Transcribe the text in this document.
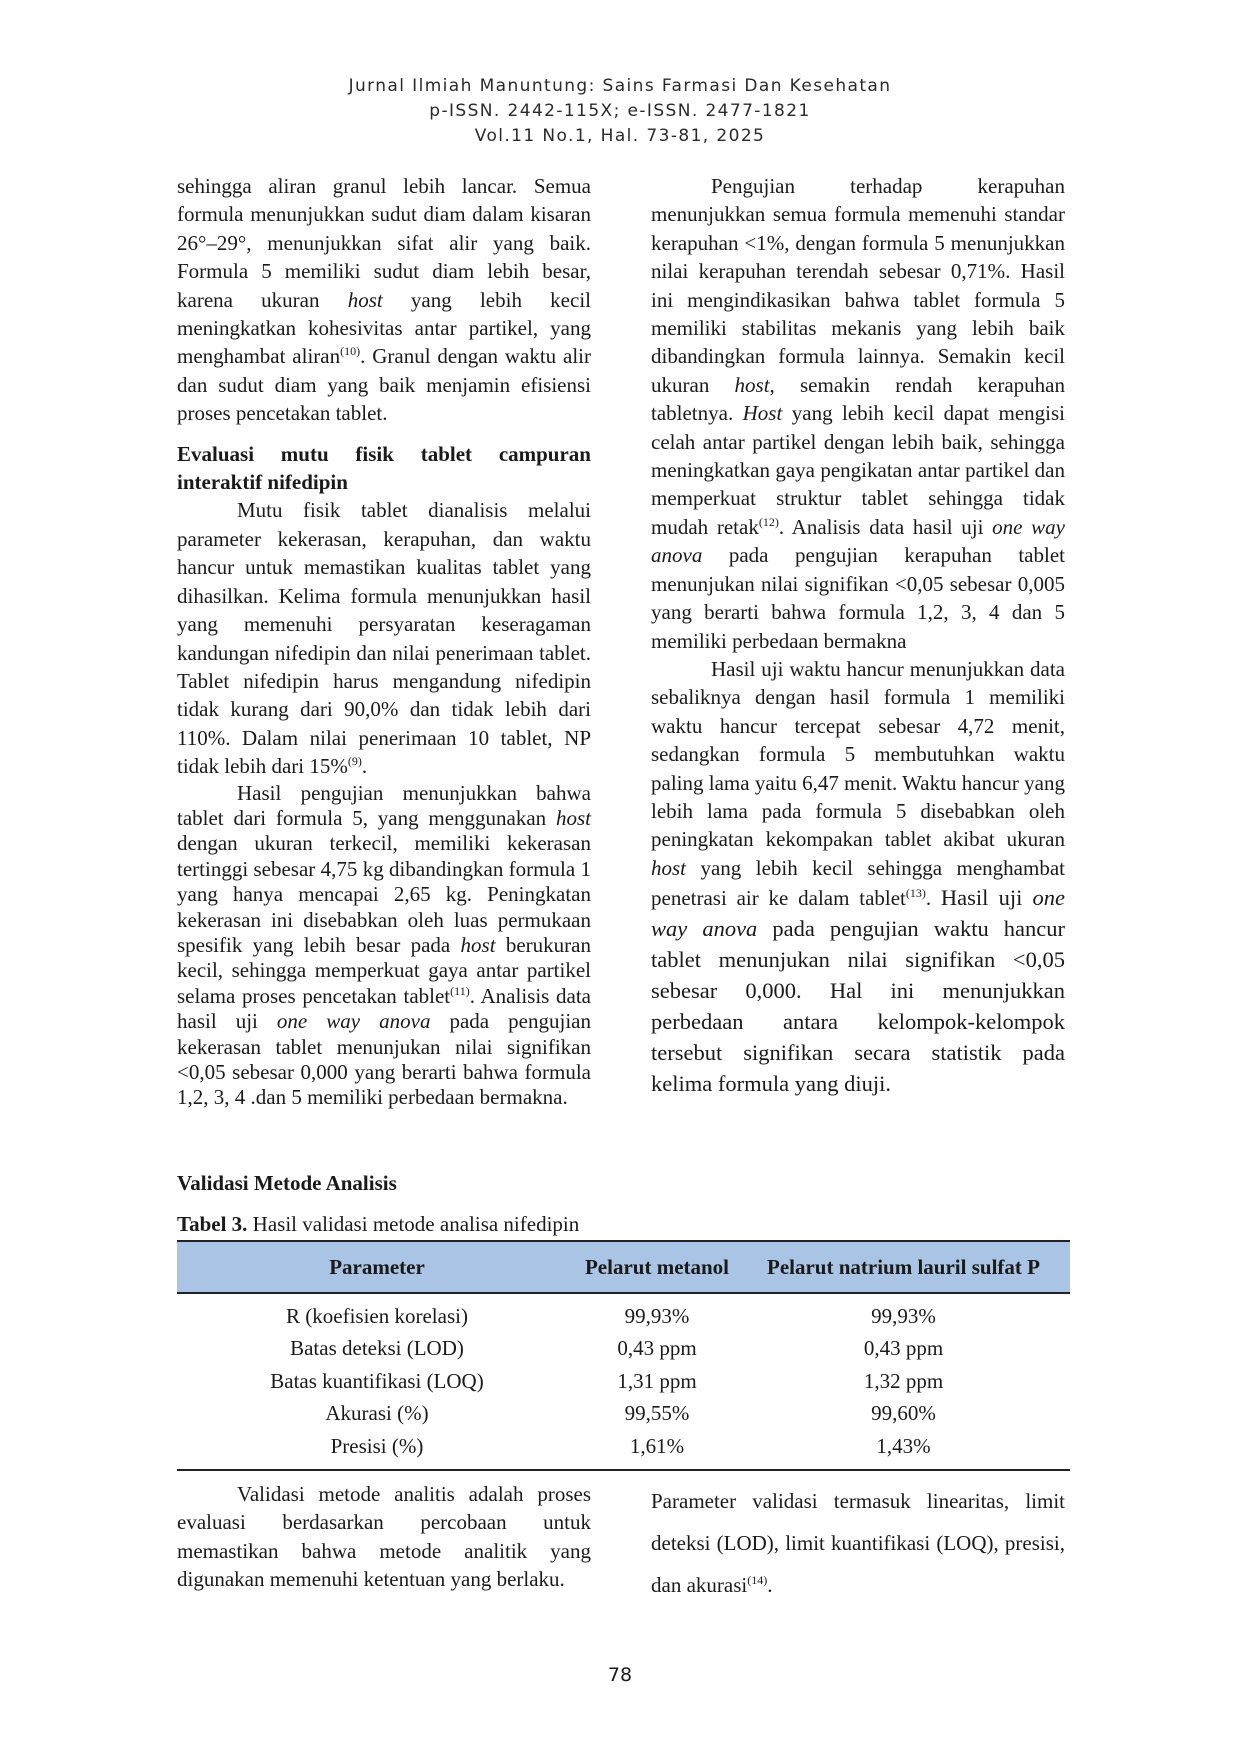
Jurnal Ilmiah Manuntung: Sains Farmasi Dan Kesehatan
p-ISSN. 2442-115X; e-ISSN. 2477-1821
Vol.11 No.1, Hal. 73-81, 2025

sehingga aliran granul lebih lancar. Semua formula menunjukkan sudut diam dalam kisaran 26°–29°, menunjukkan sifat alir yang baik. Formula 5 memiliki sudut diam lebih besar, karena ukuran host yang lebih kecil meningkatkan kohesivitas antar partikel, yang menghambat aliran$^{(10)}$. Granul dengan waktu alir dan sudut diam yang baik menjamin efisiensi proses pencetakan tablet.

Evaluasi mutu fisik tablet campuran interaktif nifedipin

Mutu fisik tablet dianalisis melalui parameter kekerasan, kerapuhan, dan waktu hancur untuk memastikan kualitas tablet yang dihasilkan. Kelima formula menunjukkan hasil yang memenuhi persyaratan keseragaman kandungan nifedipin dan nilai penerimaan tablet. Tablet nifedipin harus mengandung nifedipin tidak kurang dari 90,0% dan tidak lebih dari 110%. Dalam nilai penerimaan 10 tablet, NP tidak lebih dari 15%$^{(9)}$.

Hasil pengujian menunjukkan bahwa tablet dari formula 5, yang menggunakan host dengan ukuran terkecil, memiliki kekerasan tertinggi sebesar 4,75 kg dibandingkan formula 1 yang hanya mencapai 2,65 kg. Peningkatan kekerasan ini disebabkan oleh luas permukaan spesifik yang lebih besar pada host berukuran kecil, sehingga memperkuat gaya antar partikel selama proses pencetakan tablet$^{(11)}$. Analisis data hasil uji one way anova pada pengujian kekerasan tablet menunjukan nilai signifikan <0,05 sebesar 0,000 yang berarti bahwa formula 1,2, 3, 4 .dan 5 memiliki perbedaan bermakna.

Pengujian terhadap kerapuhan menunjukkan semua formula memenuhi standar kerapuhan <1%, dengan formula 5 menunjukkan nilai kerapuhan terendah sebesar 0,71%. Hasil ini mengindikasikan bahwa tablet formula 5 memiliki stabilitas mekanis yang lebih baik dibandingkan formula lainnya. Semakin kecil ukuran host, semakin rendah kerapuhan tabletnya. Host yang lebih kecil dapat mengisi celah antar partikel dengan lebih baik, sehingga meningkatkan gaya pengikatan antar partikel dan memperkuat struktur tablet sehingga tidak mudah retak$^{(12)}$. Analisis data hasil uji one way anova pada pengujian kerapuhan tablet menunjukan nilai signifikan <0,05 sebesar 0,005 yang berarti bahwa formula 1,2, 3, 4 dan 5 memiliki perbedaan bermakna

Hasil uji waktu hancur menunjukkan data sebaliknya dengan hasil formula 1 memiliki waktu hancur tercepat sebesar 4,72 menit, sedangkan formula 5 membutuhkan waktu paling lama yaitu 6,47 menit. Waktu hancur yang lebih lama pada formula 5 disebabkan oleh peningkatan kekompakan tablet akibat ukuran host yang lebih kecil sehingga menghambat penetrasi air ke dalam tablet$^{(13)}$. Hasil uji one way anova pada pengujian waktu hancur tablet menunjukan nilai signifikan <0,05 sebesar 0,000. Hal ini menunjukkan perbedaan antara kelompok-kelompok tersebut signifikan secara statistik pada kelima formula yang diuji.

Validasi Metode Analisis
Tabel 3. Hasil validasi metode analisa nifedipin
Parameter	Pelarut metanol	Pelarut natrium lauril sulfat P
R (koefisien korelasi)	99,93%	99,93%
Batas deteksi (LOD)	0,43 ppm	0,43 ppm
Batas kuantifikasi (LOQ)	1,31 ppm	1,32 ppm
Akurasi (%)	99,55%	99,60%
Presisi (%)	1,61%	1,43%

Validasi metode analitis adalah proses evaluasi berdasarkan percobaan untuk memastikan bahwa metode analitik yang digunakan memenuhi ketentuan yang berlaku.

Parameter validasi termasuk linearitas, limit deteksi (LOD), limit kuantifikasi (LOQ), presisi, dan akurasi$^{(14)}$.

78
